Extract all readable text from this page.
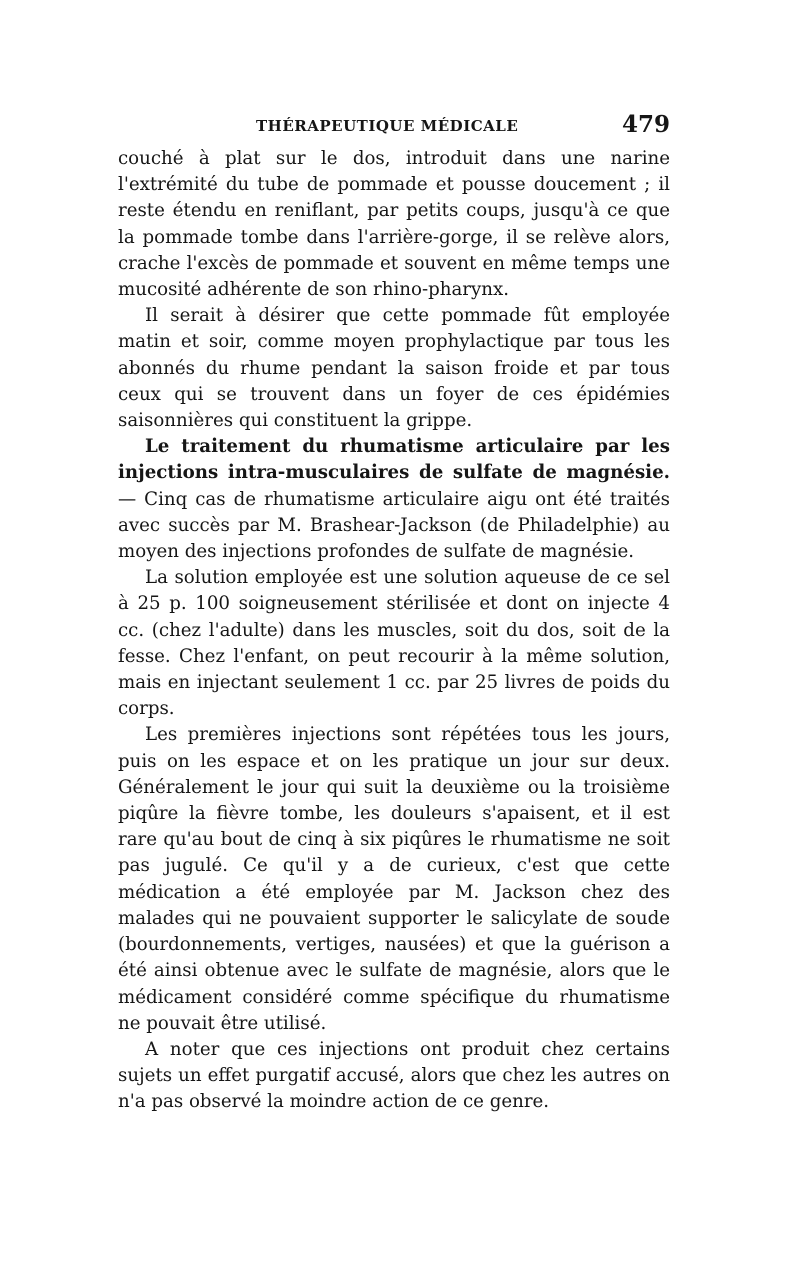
THÉRAPEUTIQUE MÉDICALE	479

couché à plat sur le dos, introduit dans une narine l'extrémité du tube de pommade et pousse doucement ; il reste étendu en reniflant, par petits coups, jusqu'à ce que la pommade tombe dans l'arrière-gorge, il se relève alors, crache l'excès de pommade et souvent en même temps une mucosité adhérente de son rhino-pharynx.

Il serait à désirer que cette pommade fût employée matin et soir, comme moyen prophylactique par tous les abonnés du rhume pendant la saison froide et par tous ceux qui se trouvent dans un foyer de ces épidémies saisonnières qui constituent la grippe.

Le traitement du rhumatisme articulaire par les injections intra-musculaires de sulfate de magnésie. — Cinq cas de rhumatisme articulaire aigu ont été traités avec succès par M. Brashear-Jackson (de Philadelphie) au moyen des injections profondes de sulfate de magnésie.

La solution employée est une solution aqueuse de ce sel à 25 p. 100 soigneusement stérilisée et dont on injecte 4 cc. (chez l'adulte) dans les muscles, soit du dos, soit de la fesse. Chez l'enfant, on peut recourir à la même solution, mais en injectant seulement 1 cc. par 25 livres de poids du corps.

Les premières injections sont répétées tous les jours, puis on les espace et on les pratique un jour sur deux. Généralement le jour qui suit la deuxième ou la troisième piqûre la fièvre tombe, les douleurs s'apaisent, et il est rare qu'au bout de cinq à six piqûres le rhumatisme ne soit pas jugulé. Ce qu'il y a de curieux, c'est que cette médication a été employée par M. Jackson chez des malades qui ne pouvaient supporter le salicylate de soude (bourdonnements, vertiges, nausées) et que la guérison a été ainsi obtenue avec le sulfate de magnésie, alors que le médicament considéré comme spécifique du rhumatisme ne pouvait être utilisé.

A noter que ces injections ont produit chez certains sujets un effet purgatif accusé, alors que chez les autres on n'a pas observé la moindre action de ce genre.
